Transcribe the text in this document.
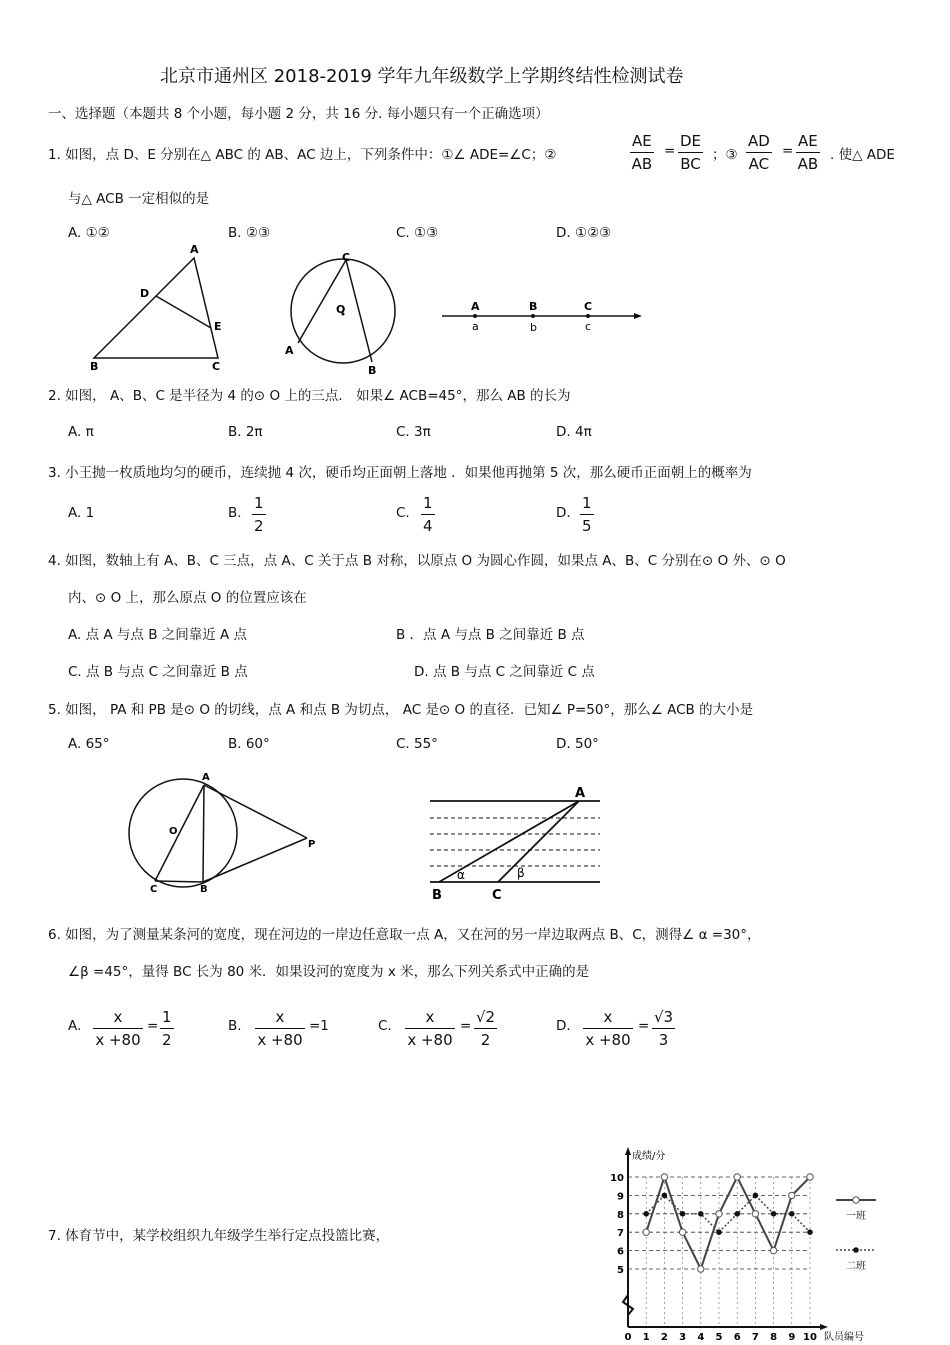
北京市通州区 2018-2019 学年九年级数学上学期终结性检测试卷
一、选择题（本题共 8 个小题，每小题 2 分，共 16 分. 每小题只有一个正确选项）
1. 如图，点 D、E 分别在△ ABC 的 AB、AC 边上，下列条件中：①∠ ADE=∠C；②	$\frac{AE}{AB} = \frac{DE}{BC}$ ；③ $\frac{AD}{AC} = \frac{AE}{AB}$ . 使△ ADE
与△ ACB 一定相似的是
A. ①②	B. ②③	C. ①③	D. ①②③
A
D
E
B	C
C
O
A
B
A	B	C
a	b	c
2. 如图， A、B、C 是半径为 4 的⊙ O 上的三点． 如果∠ ACB=45°，那么 AB 的长为
A. π	B. 2π	C. 3π	D. 4π
3. 小王抛一枚质地均匀的硬币，连续抛 4 次，硬币均正面朝上落地 ．如果他再抛第 5 次，那么硬币正面朝上的概率为
A. 1	B. $\frac{1}{2}$	C. $\frac{1}{4}$	D. $\frac{1}{5}$
4. 如图，数轴上有 A、B、C 三点，点 A、C 关于点 B 对称，以原点 O 为圆心作圆，如果点 A、B、C 分别在⊙ O 外、⊙ O
内、⊙ O 上，那么原点 O 的位置应该在
A. 点 A 与点 B 之间靠近 A 点	B ．点 A 与点 B 之间靠近 B 点
C. 点 B 与点 C 之间靠近 B 点	D. 点 B 与点 C 之间靠近 C 点
5. 如图， PA 和 PB 是⊙ O 的切线，点 A 和点 B 为切点， AC 是⊙ O 的直径．已知∠ P=50°，那么∠ ACB 的大小是
A. 65°	B. 60°	C. 55°	D. 50°
A
O
P
C	B
A
B	C
α	β
6. 如图，为了测量某条河的宽度，现在河边的一岸边任意取一点 A，又在河的另一岸边取两点 B、C，测得∠ α =30°，
∠β =45°，量得 BC 长为 80 米．如果设河的宽度为 x 米，那么下列关系式中正确的是
A. $\frac{x}{x +80} = \frac{1}{2}$	B. $\frac{x}{x +80} =1$	C. $\frac{x}{x +80} = \frac{√2}{2}$	D. $\frac{x}{x +80} = \frac{√3}{3}$
7. 体育节中，某学校组织九年级学生举行定点投篮比赛，
5
6
7
8
9
10
0 1 2 3 4 5 6 7 8 9 10
成绩/分
队员编号
一班
二班
